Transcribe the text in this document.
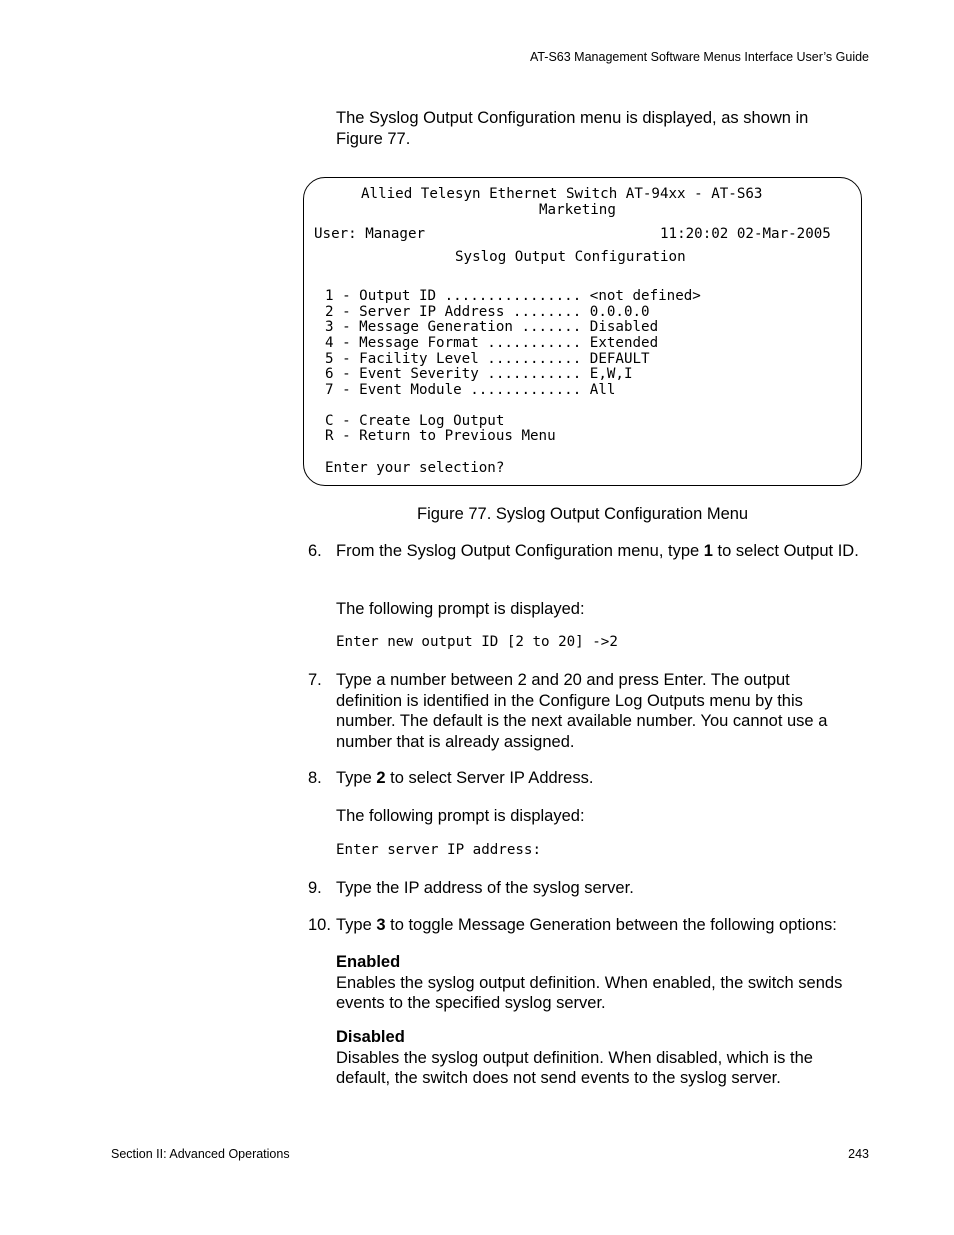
AT-S63 Management Software Menus Interface User’s Guide
The Syslog Output Configuration menu is displayed, as shown in Figure 77.
Allied Telesyn Ethernet Switch AT-94xx - AT-S63
Marketing
User: Manager	11:20:02 02-Mar-2005
Syslog Output Configuration
1 - Output ID ................ <not defined>
2 - Server IP Address ........ 0.0.0.0
3 - Message Generation ....... Disabled
4 - Message Format ........... Extended
5 - Facility Level ........... DEFAULT
6 - Event Severity ........... E,W,I
7 - Event Module ............. All
C - Create Log Output
R - Return to Previous Menu
Enter your selection?
Figure 77. Syslog Output Configuration Menu
6. From the Syslog Output Configuration menu, type 1 to select Output ID.
The following prompt is displayed:
Enter new output ID [2 to 20] ->2
7. Type a number between 2 and 20 and press Enter. The output definition is identified in the Configure Log Outputs menu by this number. The default is the next available number. You cannot use a number that is already assigned.
8. Type 2 to select Server IP Address.
The following prompt is displayed:
Enter server IP address:
9. Type the IP address of the syslog server.
10. Type 3 to toggle Message Generation between the following options:
Enabled
Enables the syslog output definition. When enabled, the switch sends events to the specified syslog server.
Disabled
Disables the syslog output definition. When disabled, which is the default, the switch does not send events to the syslog server.
Section II: Advanced Operations	243
